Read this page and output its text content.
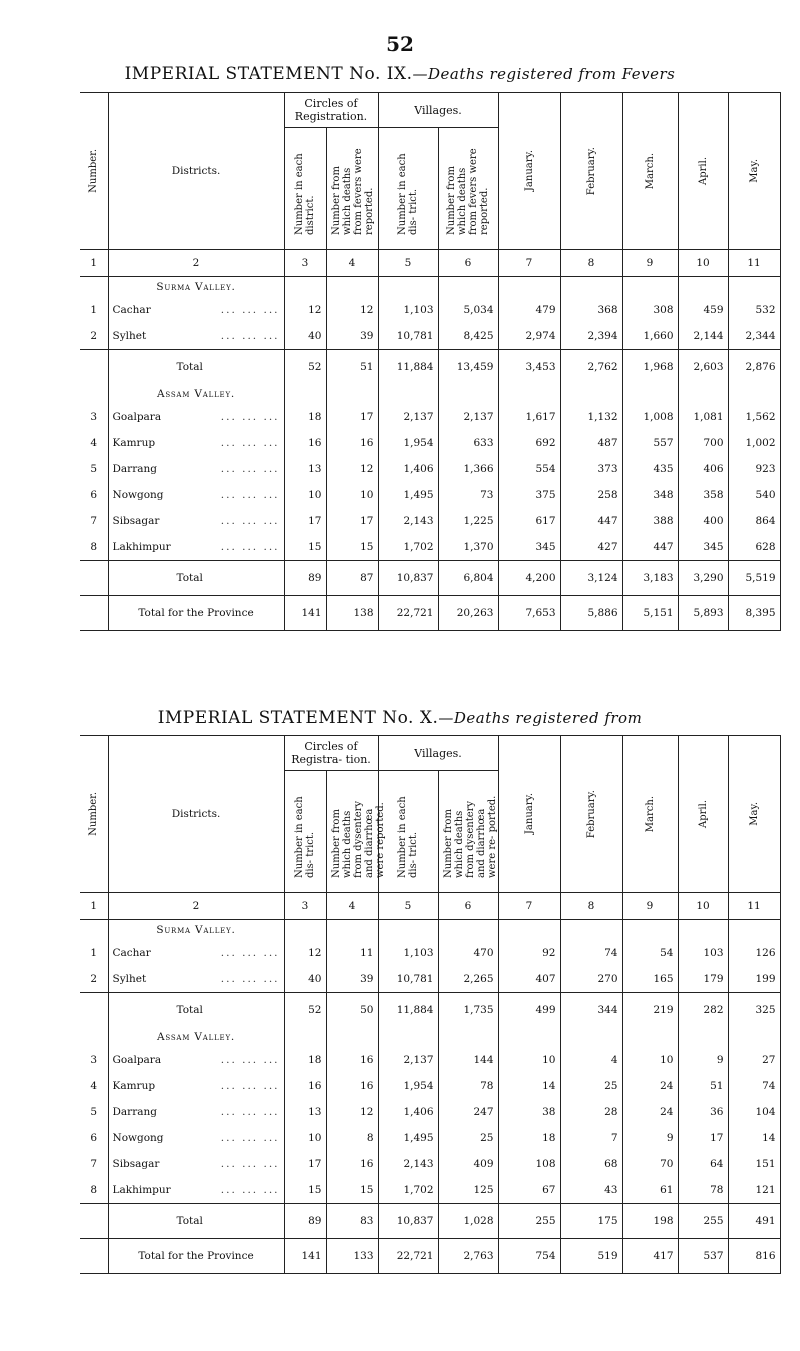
52
IMPERIAL STATEMENT No. IX.—Deaths registered from Fevers
Number.	Districts.	Circles of Registration.		Villages.		January.	February.	March.	April.	May.

		Number in each district.	Number from which deaths from fevers were reported.	Number in each dis- trict.	Number from which deaths from fevers were reported.					

1	2	3	4	5	6	7	8	9	10	11
	Surma Valley.									
1	Cachar ... ... ...	12	12	1,103	5,034	479	368	308	459	532
2	Sylhet ... ... ...	40	39	10,781	8,425	2,974	2,394	1,660	2,144	2,344
	Total	52	51	11,884	13,459	3,453	2,762	1,968	2,603	2,876
	Assam Valley.									
3	Goalpara ... ... ...	18	17	2,137	2,137	1,617	1,132	1,008	1,081	1,562
4	Kamrup ... ... ...	16	16	1,954	633	692	487	557	700	1,002
5	Darrang ... ... ...	13	12	1,406	1,366	554	373	435	406	923
6	Nowgong ... ... ...	10	10	1,495	73	375	258	348	358	540
7	Sibsagar ... ... ...	17	17	2,143	1,225	617	447	388	400	864
8	Lakhimpur ... ... ...	15	15	1,702	1,370	345	427	447	345	628
	Total	89	87	10,837	6,804	4,200	3,124	3,183	3,290	5,519
	Total for the Province	141	138	22,721	20,263	7,653	5,886	5,151	5,893	8,395
IMPERIAL STATEMENT No. X.—Deaths registered from
Number.	Districts.	Circles of Registra- tion.		Villages.		January.	February.	March.	April.	May.

		Number in each dis- trict.	Number from which deaths from dysentery and diarrhœa were reported.	Number in each dis- trict.	Number from which deaths from dysentery and diarrhœa were re- ported.					

1	2	3	4	5	6	7	8	9	10	11
	Surma Valley.									
1	Cachar ... ... ...	12	11	1,103	470	92	74	54	103	126
2	Sylhet ... ... ...	40	39	10,781	2,265	407	270	165	179	199
	Total	52	50	11,884	1,735	499	344	219	282	325
	Assam Valley.									
3	Goalpara ... ... ...	18	16	2,137	144	10	4	10	9	27
4	Kamrup ... ... ...	16	16	1,954	78	14	25	24	51	74
5	Darrang ... ... ...	13	12	1,406	247	38	28	24	36	104
6	Nowgong ... ... ...	10	8	1,495	25	18	7	9	17	14
7	Sibsagar ... ... ...	17	16	2,143	409	108	68	70	64	151
8	Lakhimpur ... ... ...	15	15	1,702	125	67	43	61	78	121
	Total	89	83	10,837	1,028	255	175	198	255	491
	Total for the Province	141	133	22,721	2,763	754	519	417	537	816
